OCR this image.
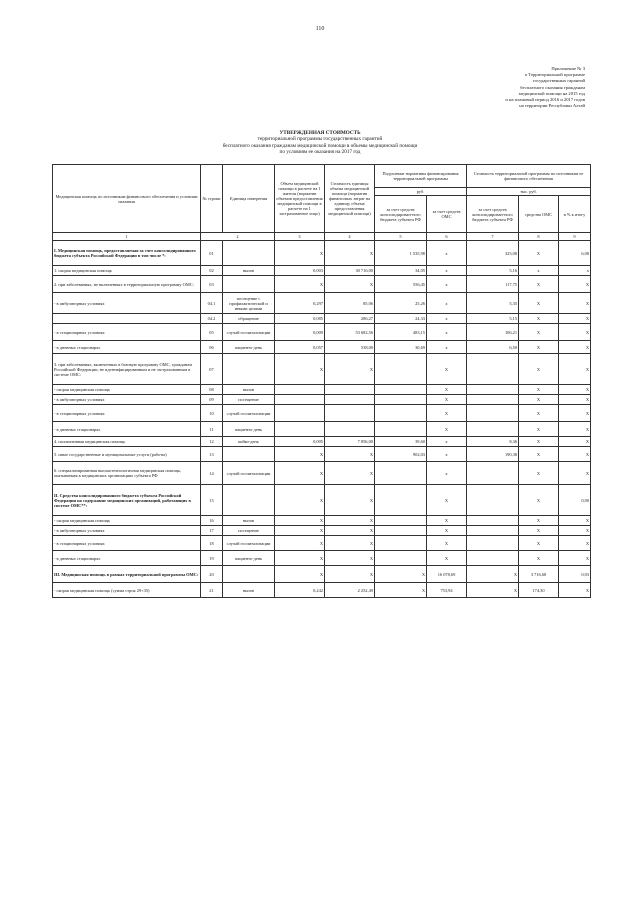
110
Приложение № 3
к Территориальной программе
государственных гарантий
бесплатного оказания гражданам
медицинской помощи на 2015 год
и на плановый период 2016 и 2017 годов
на территории Республики Алтай
УТВЕРЖДЕННАЯ СТОИМОСТЬ
территориальной программы государственных гарантий
бесплатного оказания гражданам медицинской помощи в объемы медицинской помощи
по условиям ее оказания на 2017 год
Медицинская помощь по источникам финансового обеспечения и условиям оказания	№ строки	Единица измерения	Объем медицинской помощи в расчете на 1 жителя (норматив объемов предоставления медицинской помощи в расчете на 1 застрахованное лицо)	Стоимость единицы объема медицинской помощи (норматив финансовых затрат на единицу объема предоставления медицинской помощи)	Подушевые нормативы финансирования территориальной программы		Стоимость территориальной программы по источникам ее финансового обеспечения		
					руб.		тыс. руб.		
					за счет средств консолидирован-ного бюджета субъекта РФ	за счет средств ОМС	за счет средств консолидирован-ного бюджета субъекта РФ	средства ОМС	в % к итогу
1	2		3	4	5	6	7	8	9
I. Медицинская помощь, предоставляемая за счет консолидированного бюджета субъекта Российской Федерации в том числе *:	01		X	X	1 535,98	x	325,08	X	6,08
1. скорая медицинская помощь	02	вызов	0,003	30 716,00	34,05	x	5,16	x	x
2. при заболеваниях, не включенных в территориальную программу ОМС:	03		X	X	556,45	x	117,75	X	X
- в амбулаторных условиях	04.1	посещение с профилактической и иными целями	0,297	85,06	25,26	x	5,35	X	X
	04.2	обращение	0,085	286,27	24,33	x	5,15	X	X
- в стационарных условиях	05	случай госпитализации	0,009	53 682,56	483,15	x	106,21	X	X
- в дневных стационарах	06	пациенто-день	0,057	538,00	30,69	x	6,50	X	X
3. при заболеваниях, включенных в базовую программу ОМС, гражданам Российской Федерации, не идентифицированным и не застрахованным в системе ОМС:	07		X	X		X		X	X
- скорая медицинская помощь	08	вызов				X		X	X
- в амбулаторных условиях	09	посещение				X		X	X
- в стационарных условиях	10	случай госпитализации				X		X	X
- в дневных стационарах	11	пациенто-день				X		X	X
4. паллиативная медицинская помощь	12	койко-день	0,005	7 856,00	39,60	x	8,36	X	X
5. иные государственные и муниципальные услуги (работы)	13		X	X	902,03	x	190,38	X	X
6. специализированная высокотехнологичная медицинская помощь, оказываемая в медицинских организациях субъекта РФ	14	случай госпитализации	X	X		x		X	X
II. Средства консолидированного бюджета субъекта Российской Федерации на содержание медицинских организаций, работающих в системе ОМС**:	15		X	X		X		X	0,00
- скорая медицинская помощь	16	вызов	X	X		X		X	X
- в амбулаторных условиях	17	посещение	X	X		X		X	X
- в стационарных условиях	18	случай госпитализации	X	X		X		X	X
- в дневных стационарах	19	пациенто-день	X	X		X		X	X
III. Медицинская помощь в рамках территориальной программы ОМС:	20		X	X	X	16 078,69	X	3 716,68	0,03
- скорая медицинская помощь (сумма строк 29+35)	21	вызов	0,242	2 252,49	X	753,94	X	174,30	X
